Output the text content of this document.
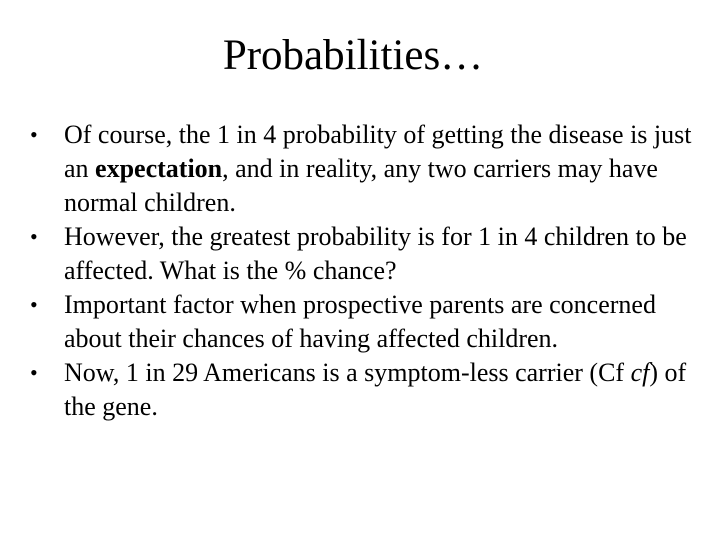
Probabilities…
•	Of course, the 1 in 4 probability of getting the disease is just an expectation, and in reality, any two carriers may have normal children.
•	However, the greatest probability is for 1 in 4 children to be affected. What is the % chance?
•	Important factor when prospective parents are concerned about their chances of having affected children.
•	Now, 1 in 29 Americans is a symptom-less carrier (Cf cf) of the gene.
